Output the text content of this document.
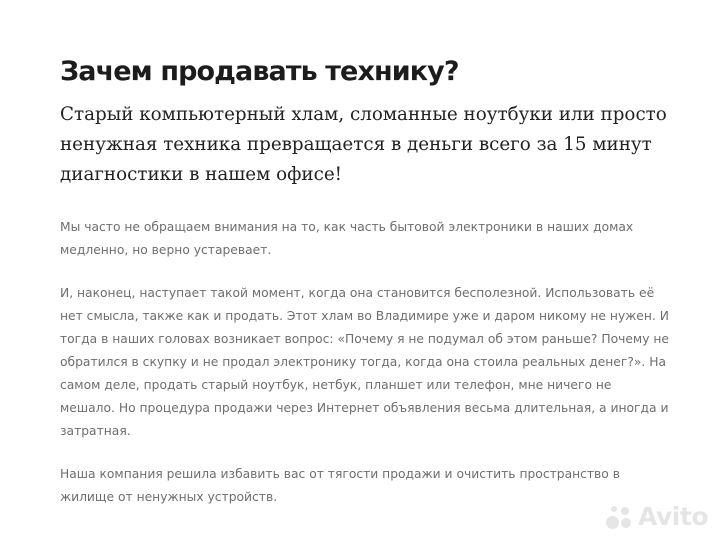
Зачем продавать технику?

Старый компьютерный хлам, сломанные ноутбуки или просто ненужная техника превращается в деньги всего за 15 минут диагностики в нашем офисе!

Мы часто не обращаем внимания на то, как часть бытовой электроники в наших домах медленно, но верно устаревает.

И, наконец, наступает такой момент, когда она становится бесполезной. Использовать её нет смысла, также как и продать. Этот хлам во Владимире уже и даром никому не нужен. И тогда в наших головах возникает вопрос: «Почему я не подумал об этом раньше? Почему не обратился в скупку и не продал электронику тогда, когда она стоила реальных денег?». На самом деле, продать старый ноутбук, нетбук, планшет или телефон, мне ничего не мешало. Но процедура продажи через Интернет объявления весьма длительная, а иногда и затратная.

Наша компания решила избавить вас от тягости продажи и очистить пространство в жилище от ненужных устройств.

Avito
